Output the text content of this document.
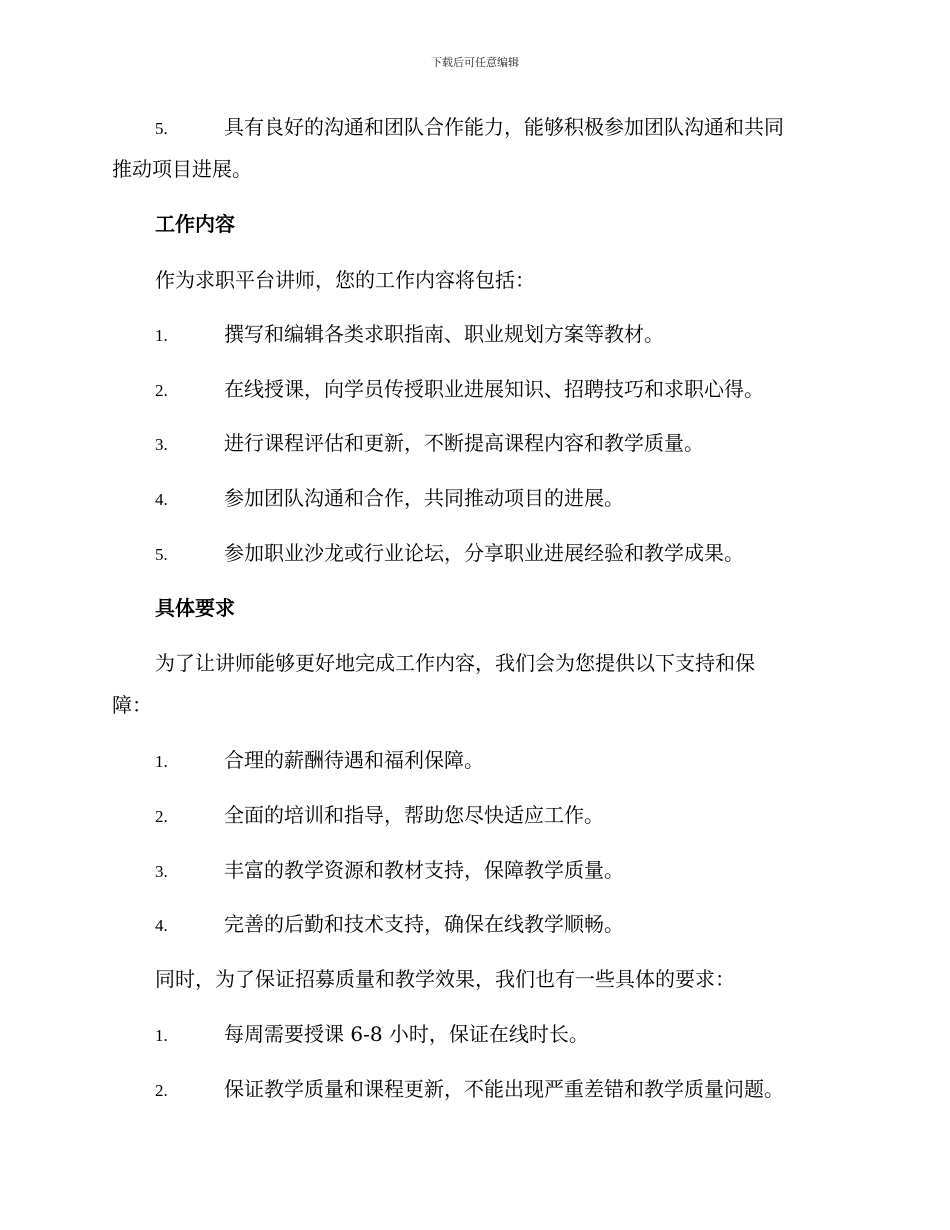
下载后可任意编辑
5.	具有良好的沟通和团队合作能力，能够积极参加团队沟通和共同
推动项目进展。
工作内容
作为求职平台讲师，您的工作内容将包括：
1.	撰写和编辑各类求职指南、职业规划方案等教材。
2.	在线授课，向学员传授职业进展知识、招聘技巧和求职心得。
3.	进行课程评估和更新，不断提高课程内容和教学质量。
4.	参加团队沟通和合作，共同推动项目的进展。
5.	参加职业沙龙或行业论坛，分享职业进展经验和教学成果。
具体要求
为了让讲师能够更好地完成工作内容，我们会为您提供以下支持和保
障：
1.	合理的薪酬待遇和福利保障。
2.	全面的培训和指导，帮助您尽快适应工作。
3.	丰富的教学资源和教材支持，保障教学质量。
4.	完善的后勤和技术支持，确保在线教学顺畅。
同时，为了保证招募质量和教学效果，我们也有一些具体的要求：
1.	每周需要授课 6-8 小时，保证在线时长。
2.	保证教学质量和课程更新，不能出现严重差错和教学质量问题。
